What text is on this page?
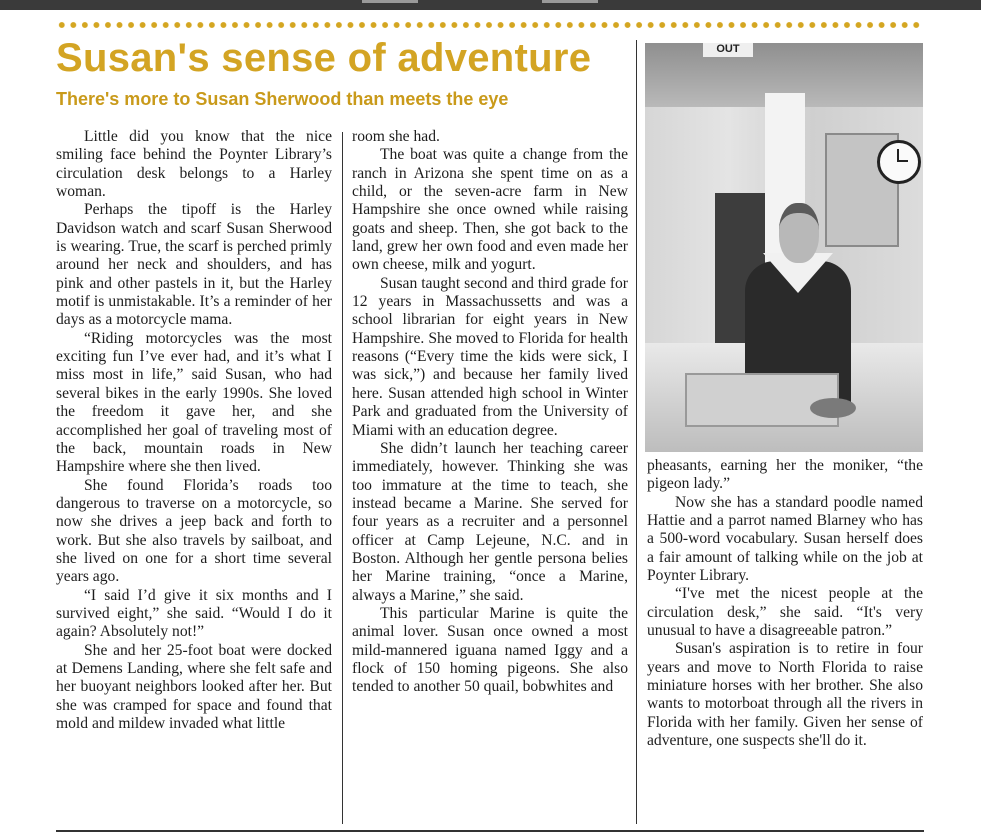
Susan's sense of adventure
There's more to Susan Sherwood than meets the eye

Little did you know that the nice smiling face behind the Poynter Library’s circulation desk belongs to a Harley woman.

Perhaps the tipoff is the Harley Davidson watch and scarf Susan Sherwood is wearing. True, the scarf is perched primly around her neck and shoulders, and has pink and other pastels in it, but the Harley motif is unmistakable. It’s a reminder of her days as a motorcycle mama.

“Riding motorcycles was the most exciting fun I’ve ever had, and it’s what I miss most in life,” said Susan, who had several bikes in the early 1990s. She loved the freedom it gave her, and she accomplished her goal of traveling most of the back, mountain roads in New Hampshire where she then lived.

She found Florida’s roads too dangerous to traverse on a motorcycle, so now she drives a jeep back and forth to work. But she also travels by sailboat, and she lived on one for a short time several years ago.

“I said I’d give it six months and I survived eight,” she said. “Would I do it again? Absolutely not!”

She and her 25-foot boat were docked at Demens Landing, where she felt safe and her buoyant neighbors looked after her. But she was cramped for space and found that mold and mildew invaded what little

room she had.

The boat was quite a change from the ranch in Arizona she spent time on as a child, or the seven-acre farm in New Hampshire she once owned while raising goats and sheep. Then, she got back to the land, grew her own food and even made her own cheese, milk and yogurt.

Susan taught second and third grade for 12 years in Massachussetts and was a school librarian for eight years in New Hampshire. She moved to Florida for health reasons (“Every time the kids were sick, I was sick,”) and because her family lived here. Susan attended high school in Winter Park and graduated from the University of Miami with an education degree.

She didn’t launch her teaching career immediately, however. Thinking she was too immature at the time to teach, she instead became a Marine. She served for four years as a recruiter and a personnel officer at Camp Lejeune, N.C. and in Boston. Although her gentle persona belies her Marine training, “once a Marine, always a Marine,” she said.

This particular Marine is quite the animal lover. Susan once owned a most mild-mannered iguana named Iggy and a flock of 150 homing pigeons. She also tended to another 50 quail, bobwhites and

OUT

pheasants, earning her the moniker, “the pigeon lady.”

Now she has a standard poodle named Hattie and a parrot named Blarney who has a 500-word vocabulary. Susan herself does a fair amount of talking while on the job at Poynter Library.

“I've met the nicest people at the circulation desk,” she said. “It's very unusual to have a disagreeable patron.”

Susan's aspiration is to retire in four years and move to North Florida to raise miniature horses with her brother. She also wants to motorboat through all the rivers in Florida with her family. Given her sense of adventure, one suspects she'll do it.
